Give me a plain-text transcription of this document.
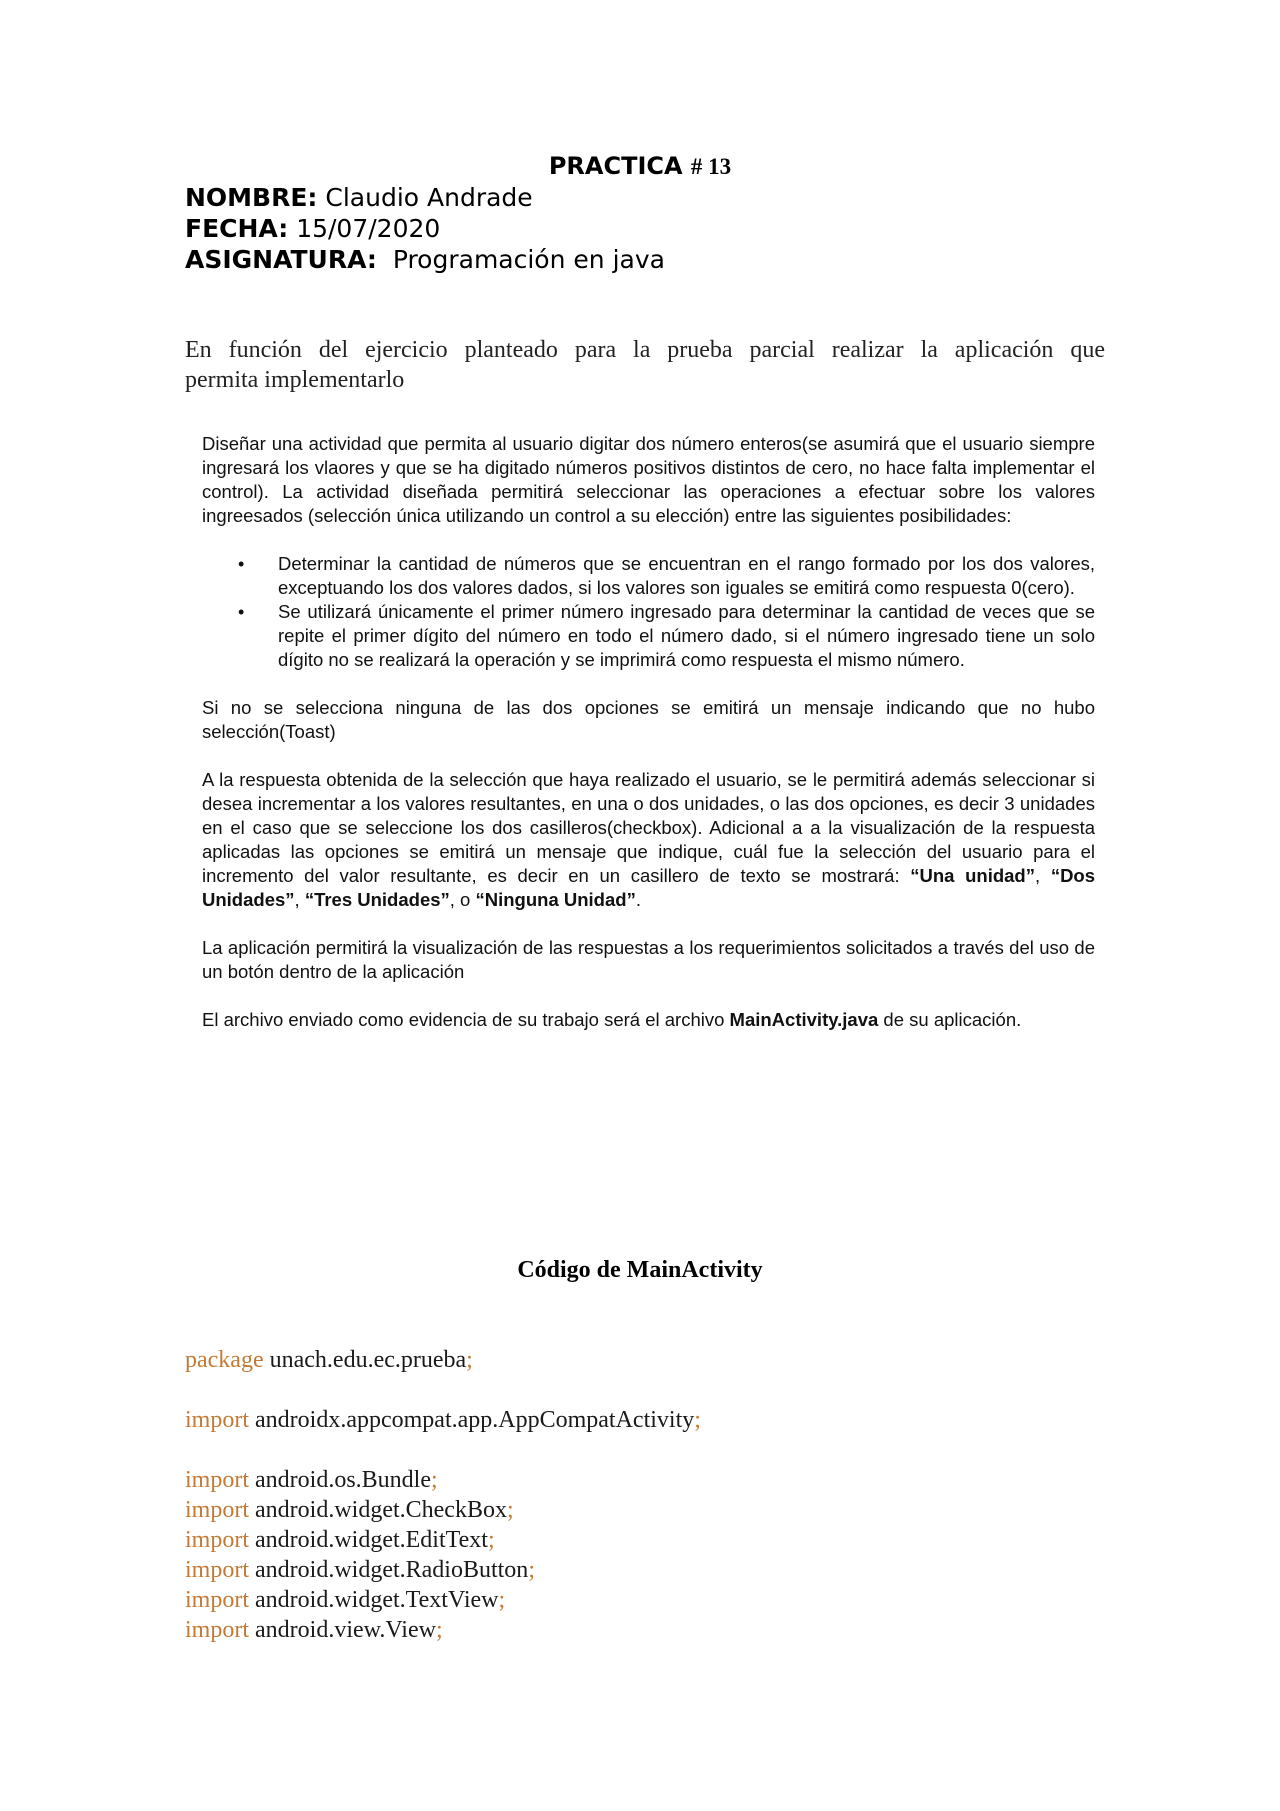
PRACTICA # 13
NOMBRE: Claudio Andrade
FECHA: 15/07/2020
ASIGNATURA:  Programación en java
En función del ejercicio planteado para la prueba parcial realizar la aplicación que
permita implementarlo

Diseñar una actividad que permita al usuario digitar dos número enteros(se asumirá que el usuario siempre ingresará los vlaores y que se ha digitado números positivos distintos de cero, no hace falta implementar el control). La actividad diseñada permitirá seleccionar las operaciones a efectuar sobre los valores ingreesados (selección única utilizando un control a su elección) entre las siguientes posibilidades:

• Determinar la cantidad de números que se encuentran en el rango formado por los dos valores, exceptuando los dos valores dados, si los valores son iguales se emitirá como respuesta 0(cero).
• Se utilizará únicamente el primer número ingresado para determinar la cantidad de veces que se repite el primer dígito del número en todo el número dado, si el número ingresado tiene un solo dígito no se realizará la operación y se imprimirá como respuesta el mismo número.

Si no se selecciona ninguna de las dos opciones se emitirá un mensaje indicando que no hubo selección(Toast)

A la respuesta obtenida de la selección que haya realizado el usuario, se le permitirá además seleccionar si desea incrementar a los valores resultantes, en una o dos unidades, o las dos opciones, es decir 3 unidades en el caso que se seleccione los dos casilleros(checkbox). Adicional a a la visualización de la respuesta aplicadas las opciones se emitirá un mensaje que indique, cuál fue la selección del usuario para el incremento del valor resultante, es decir en un casillero de texto se mostrará: “Una unidad”, “Dos Unidades”, “Tres Unidades”, o “Ninguna Unidad”.

La aplicación permitirá la visualización de las respuestas a los requerimientos solicitados a través del uso de un botón dentro de la aplicación

El archivo enviado como evidencia de su trabajo será el archivo MainActivity.java de su aplicación.

Código de MainActivity
package unach.edu.ec.prueba;
import androidx.appcompat.app.AppCompatActivity;
import android.os.Bundle;
import android.widget.CheckBox;
import android.widget.EditText;
import android.widget.RadioButton;
import android.widget.TextView;
import android.view.View;
